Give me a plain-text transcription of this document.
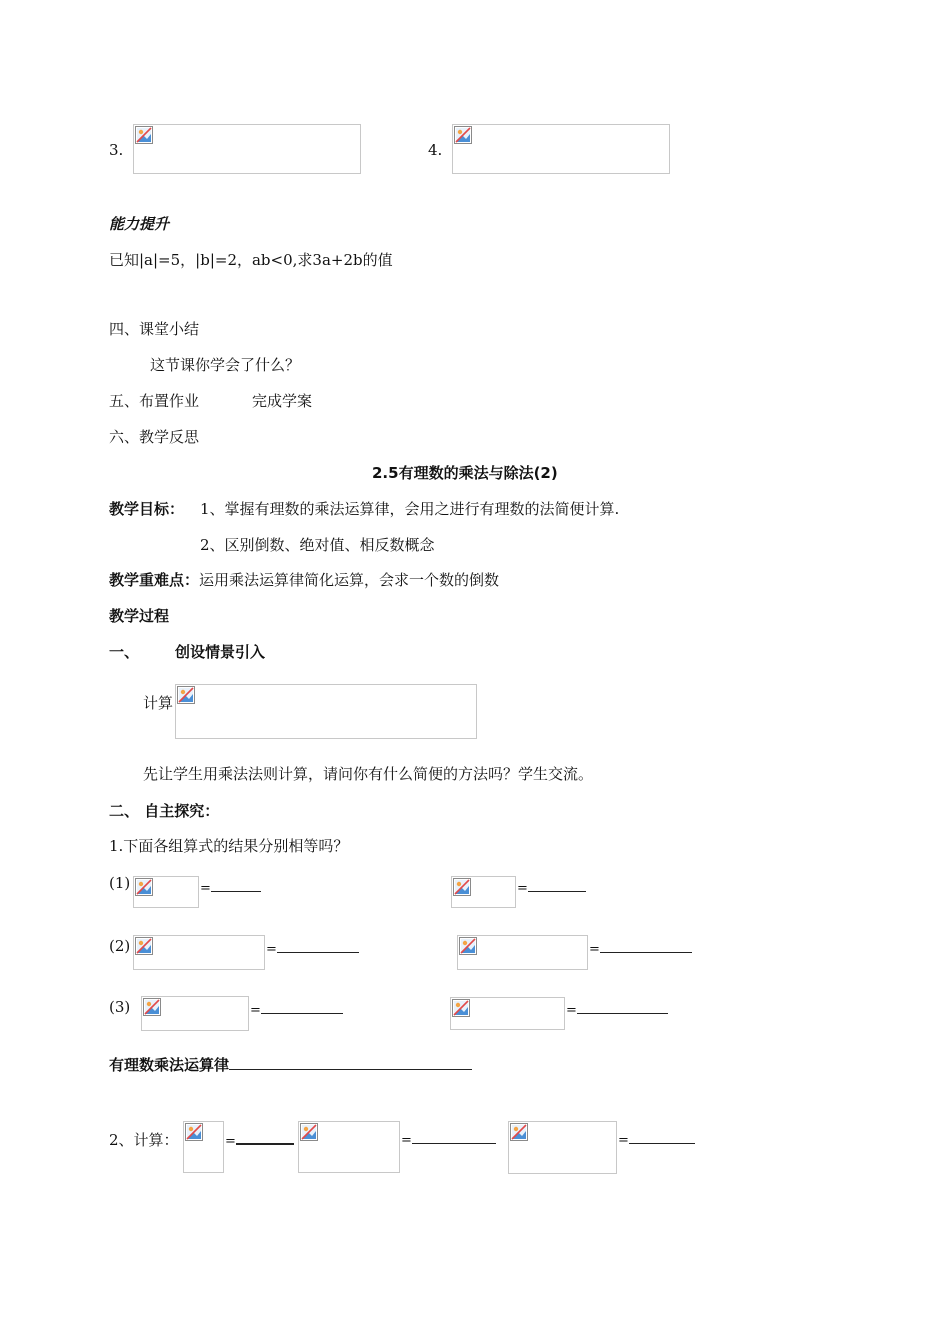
3.	4.
能力提升
已知|a|=5，|b|=2，ab<0,求3a+2b的值
四、课堂小结
这节课你学会了什么？
五、布置作业	完成学案
六、教学反思
2.5有理数的乘法与除法(2)
教学目标： 1、掌握有理数的乘法运算律，会用之进行有理数的法简便计算.
2、区别倒数、绝对值、相反数概念
教学重难点：运用乘法运算律简化运算，会求一个数的倒数
教学过程
一、 创设情景引入
计算
先让学生用乘法法则计算，请问你有什么简便的方法吗？学生交流。
二、 自主探究：
1.下面各组算式的结果分别相等吗？
(1)	=	=
(2)	=	=
(3)	=	=
有理数乘法运算律
2、计算：	=	=	=
